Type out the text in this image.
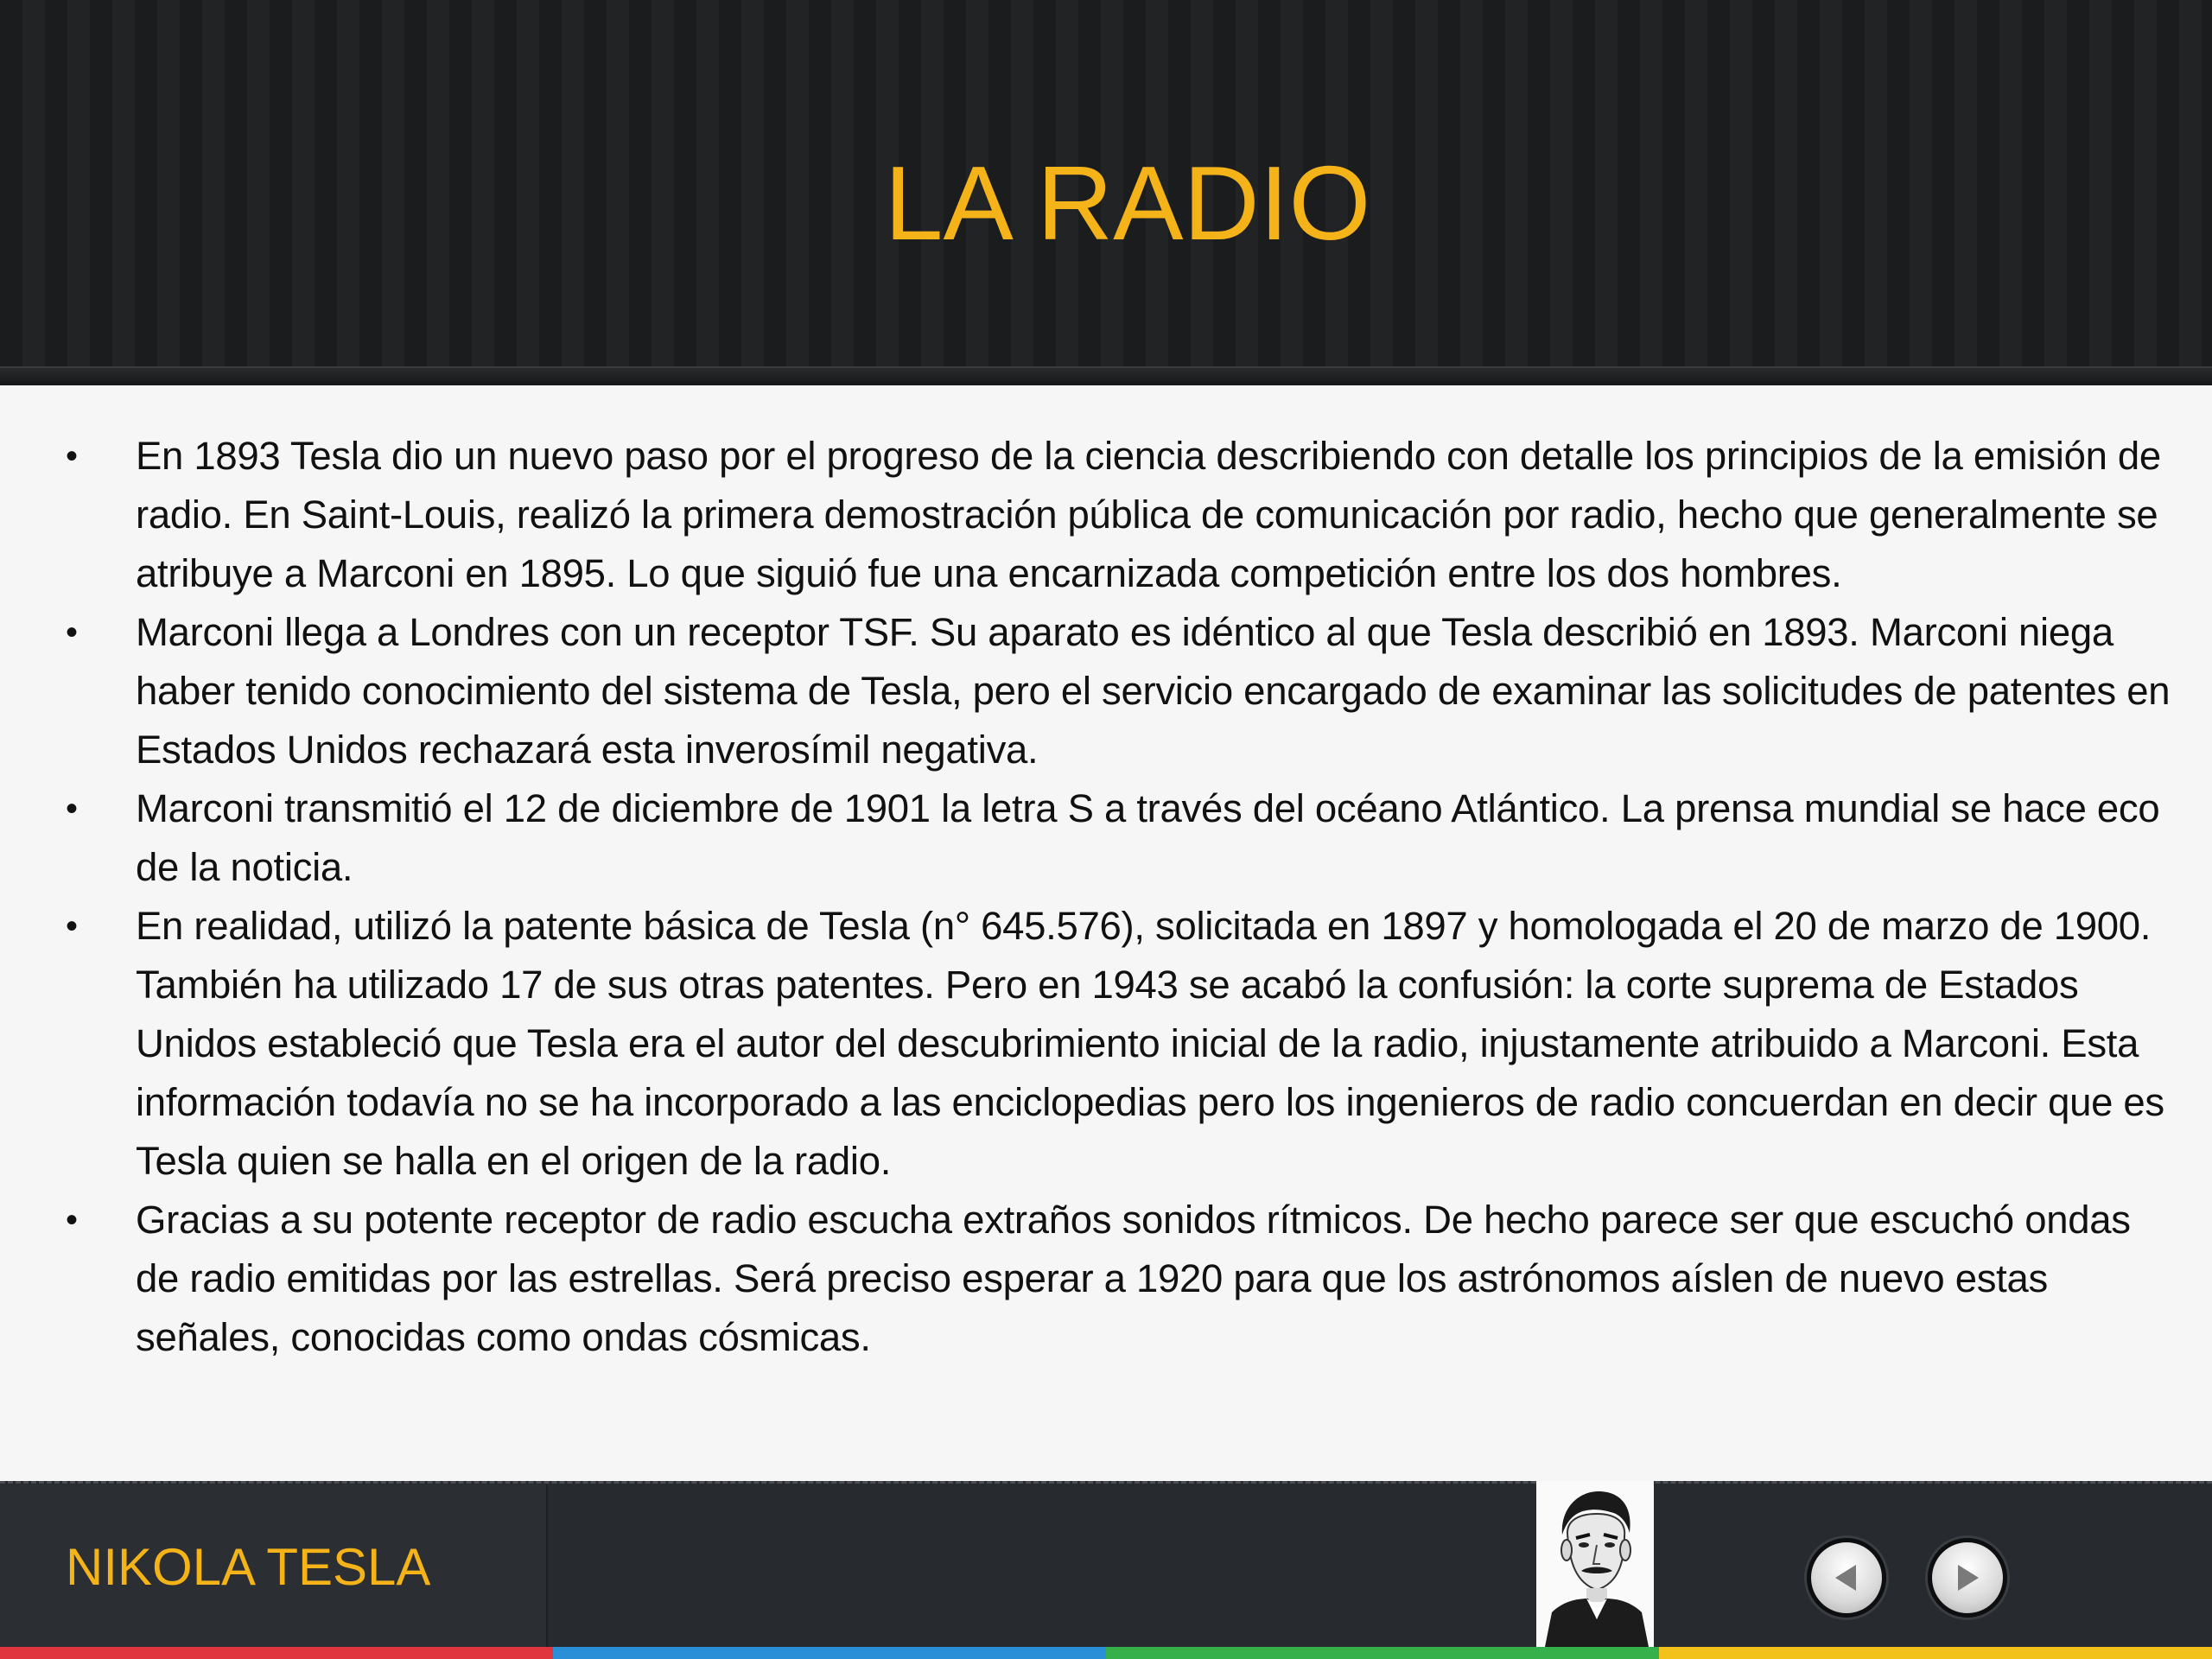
LA RADIO
• En 1893 Tesla dio un nuevo paso por el progreso de la ciencia describiendo con detalle los principios de la emisión de radio. En Saint-Louis, realizó la primera demostración pública de comunicación por radio, hecho que generalmente se atribuye a Marconi en 1895. Lo que siguió fue una encarnizada competición entre los dos hombres.
• Marconi llega a Londres con un receptor TSF. Su aparato es idéntico al que Tesla describió en 1893. Marconi niega haber tenido conocimiento del sistema de Tesla, pero el servicio encargado de examinar las solicitudes de patentes en Estados Unidos rechazará esta inverosímil negativa.
• Marconi transmitió el 12 de diciembre de 1901 la letra S a través del océano Atlántico. La prensa mundial se hace eco de la noticia.
• En realidad, utilizó la patente básica de Tesla (n° 645.576), solicitada en 1897 y homologada el 20 de marzo de 1900. También ha utilizado 17 de sus otras patentes. Pero en 1943 se acabó la confusión: la corte suprema de Estados Unidos estableció que Tesla era el autor del descubrimiento inicial de la radio, injustamente atribuido a Marconi. Esta información todavía no se ha incorporado a las enciclopedias pero los ingenieros de radio concuerdan en decir que es Tesla quien se halla en el origen de la radio.
• Gracias a su potente receptor de radio escucha extraños sonidos rítmicos. De hecho parece ser que escuchó ondas de radio emitidas por las estrellas. Será preciso esperar a 1920 para que los astrónomos aíslen de nuevo estas señales, conocidas como ondas cósmicas.
NIKOLA TESLA
